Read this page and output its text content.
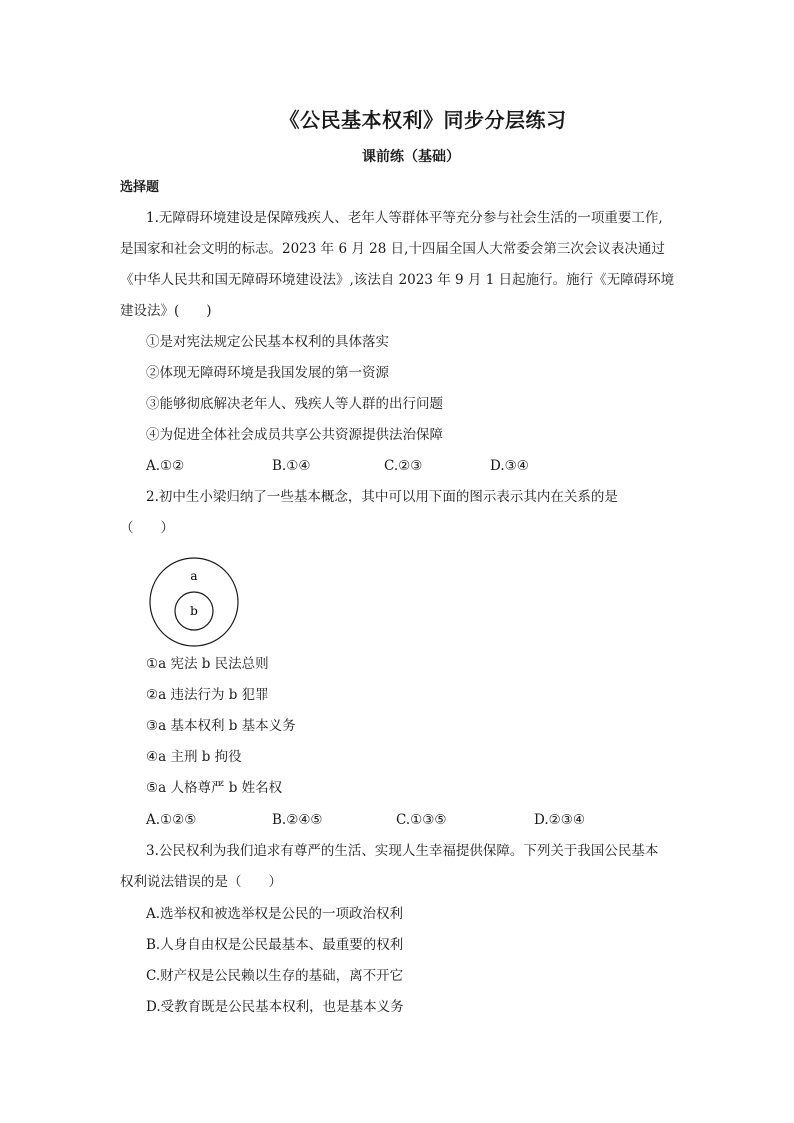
《公民基本权利》同步分层练习
课前练（基础）
选择题
1.无障碍环境建设是保障残疾人、老年人等群体平等充分参与社会生活的一项重要工作,
是国家和社会文明的标志。2023 年 6 月 28 日,十四届全国人大常委会第三次会议表决通过
《中华人民共和国无障碍环境建设法》,该法自 2023 年 9 月 1 日起施行。施行《无障碍环境
建设法》(　　)
①是对宪法规定公民基本权利的具体落实
②体现无障碍环境是我国发展的第一资源
③能够彻底解决老年人、残疾人等人群的出行问题
④为促进全体社会成员共享公共资源提供法治保障
A.①②	B.①④	C.②③	D.③④
2.初中生小梁归纳了一些基本概念，其中可以用下面的图示表示其内在关系的是
（　　）
a
b
①a 宪法 b 民法总则
②a 违法行为 b 犯罪
③a 基本权利 b 基本义务
④a 主刑 b 拘役
⑤a 人格尊严 b 姓名权
A.①②⑤	B.②④⑤	C.①③⑤	D.②③④
3.公民权利为我们追求有尊严的生活、实现人生幸福提供保障。下列关于我国公民基本
权利说法错误的是（　　）
A.选举权和被选举权是公民的一项政治权利
B.人身自由权是公民最基本、最重要的权利
C.财产权是公民赖以生存的基础，离不开它
D.受教育既是公民基本权利，也是基本义务
